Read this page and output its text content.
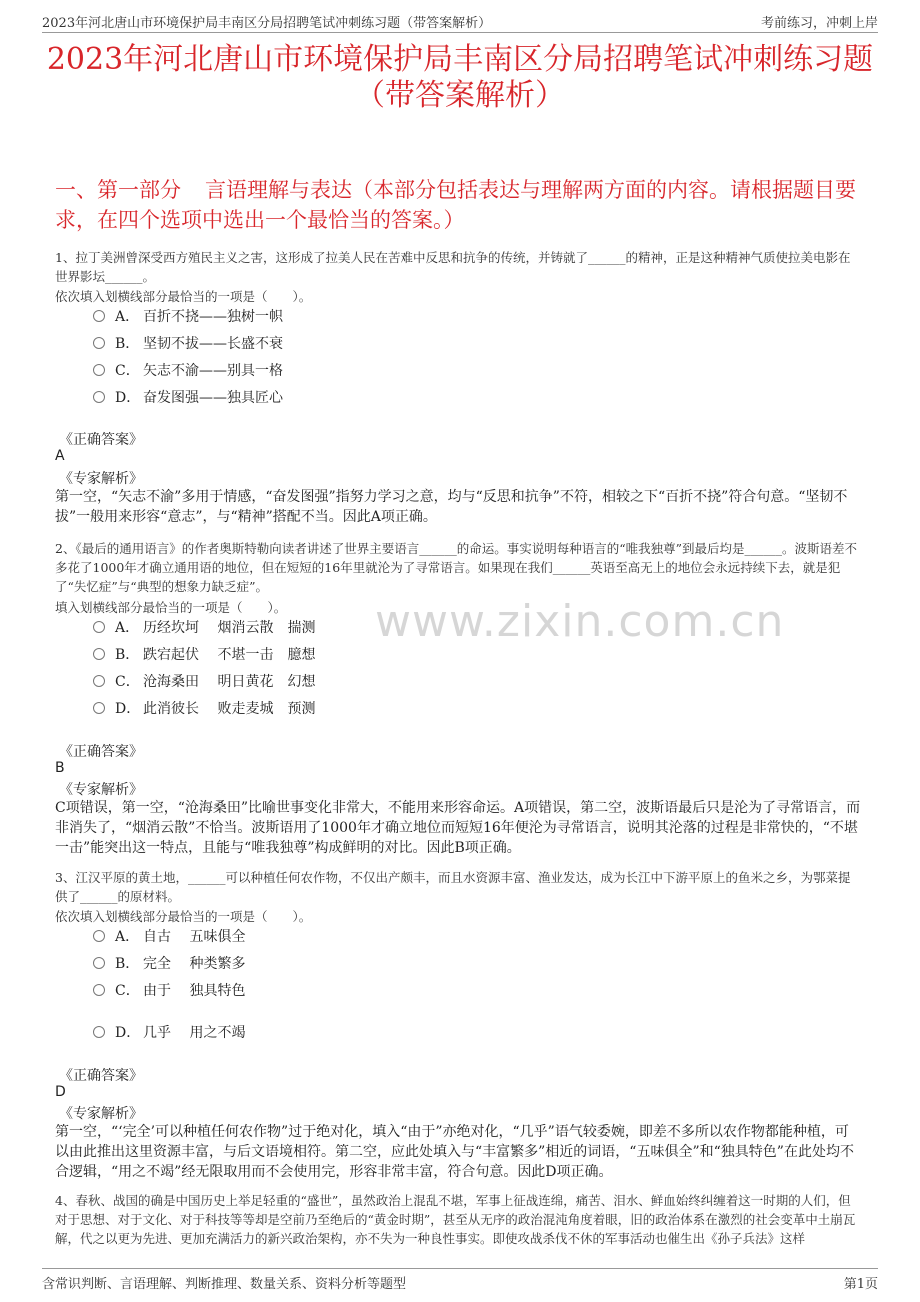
2023年河北唐山市环境保护局丰南区分局招聘笔试冲刺练习题（带答案解析）	考前练习，冲刺上岸
2023年河北唐山市环境保护局丰南区分局招聘笔试冲刺练习题
（带答案解析）
一、第一部分 言语理解与表达（本部分包括表达与理解两方面的内容。请根据题目要求，在四个选项中选出一个最恰当的答案。）
1、拉丁美洲曾深受西方殖民主义之害，这形成了拉美人民在苦难中反思和抗争的传统，并铸就了______的精神，正是这种精神气质使拉美电影在世界影坛______。
依次填入划横线部分最恰当的一项是（　　）。
A． 百折不挠——独树一帜
B． 坚韧不拔——长盛不衰
C． 矢志不渝——别具一格
D． 奋发图强——独具匠心
《正确答案》
A
《专家解析》
第一空，“矢志不渝”多用于情感，“奋发图强”指努力学习之意，均与“反思和抗争”不符，相较之下“百折不挠”符合句意。“坚韧不拔”一般用来形容“意志”，与“精神”搭配不当。因此A项正确。
2、《最后的通用语言》的作者奥斯特勒向读者讲述了世界主要语言______的命运。事实说明每种语言的“唯我独尊”到最后均是______。波斯语差不多花了1000年才确立通用语的地位，但在短短的16年里就沦为了寻常语言。如果现在我们______英语至高无上的地位会永远持续下去，就是犯了“失忆症”与“典型的想象力缺乏症”。
填入划横线部分最恰当的一项是（　　）。
A． 历经坎坷　 烟消云散　揣测
B． 跌宕起伏　 不堪一击　臆想
C． 沧海桑田　 明日黄花　幻想
D． 此消彼长　 败走麦城　预测
《正确答案》
B
《专家解析》
C项错误，第一空，“沧海桑田”比喻世事变化非常大，不能用来形容命运。A项错误，第二空，波斯语最后只是沦为了寻常语言，而非消失了，“烟消云散”不恰当。波斯语用了1000年才确立地位而短短16年便沦为寻常语言，说明其沦落的过程是非常快的，“不堪一击”能突出这一特点，且能与“唯我独尊”构成鲜明的对比。因此B项正确。
3、江汉平原的黄土地，______可以种植任何农作物，不仅出产颇丰，而且水资源丰富、渔业发达，成为长江中下游平原上的鱼米之乡，为鄂菜提供了______的原材料。
依次填入划横线部分最恰当的一项是（　　）。
A． 自古　 五味俱全
B． 完全　 种类繁多
C． 由于　 独具特色
D． 几乎　 用之不竭
《正确答案》
D
《专家解析》
第一空，“‘完全’可以种植任何农作物”过于绝对化，填入“由于”亦绝对化，“几乎”语气较委婉，即差不多所以农作物都能种植，可以由此推出这里资源丰富，与后文语境相符。第二空，应此处填入与“丰富繁多”相近的词语，“五味俱全”和“独具特色”在此处均不合逻辑，“用之不竭”经无限取用而不会使用完，形容非常丰富，符合句意。因此D项正确。
4、春秋、战国的确是中国历史上举足轻重的“盛世”，虽然政治上混乱不堪，军事上征战连绵，痛苦、泪水、鲜血始终纠缠着这一时期的人们，但对于思想、对于文化、对于科技等等却是空前乃至绝后的“黄金时期”，甚至从无序的政治混沌角度着眼，旧的政治体系在激烈的社会变革中土崩瓦解，代之以更为先进、更加充满活力的新兴政治架构，亦不失为一种良性事实。即使攻战杀伐不休的军事活动也催生出《孙子兵法》这样
www.zixin.com.cn
含常识判断、言语理解、判断推理、数量关系、资料分析等题型	第1页
